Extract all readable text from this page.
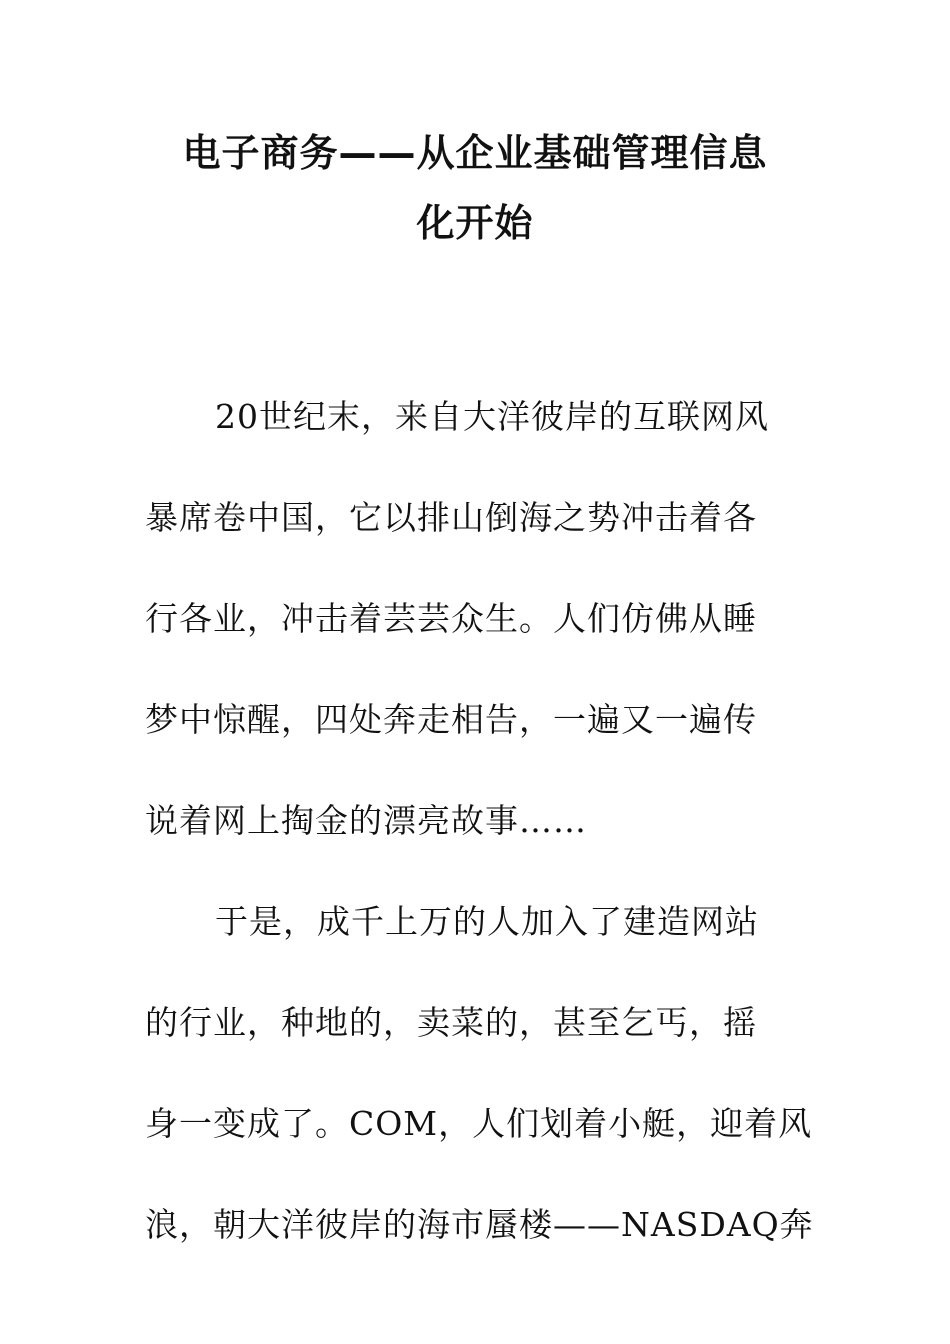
电子商务——从企业基础管理信息
化开始
20世纪末，来自大洋彼岸的互联网风
暴席卷中国，它以排山倒海之势冲击着各
行各业，冲击着芸芸众生。人们仿佛从睡
梦中惊醒，四处奔走相告，一遍又一遍传
说着网上掏金的漂亮故事……
于是，成千上万的人加入了建造网站
的行业，种地的，卖菜的，甚至乞丐，摇
身一变成了。COM，人们划着小艇，迎着风
浪，朝大洋彼岸的海市蜃楼——NASDAQ奔
